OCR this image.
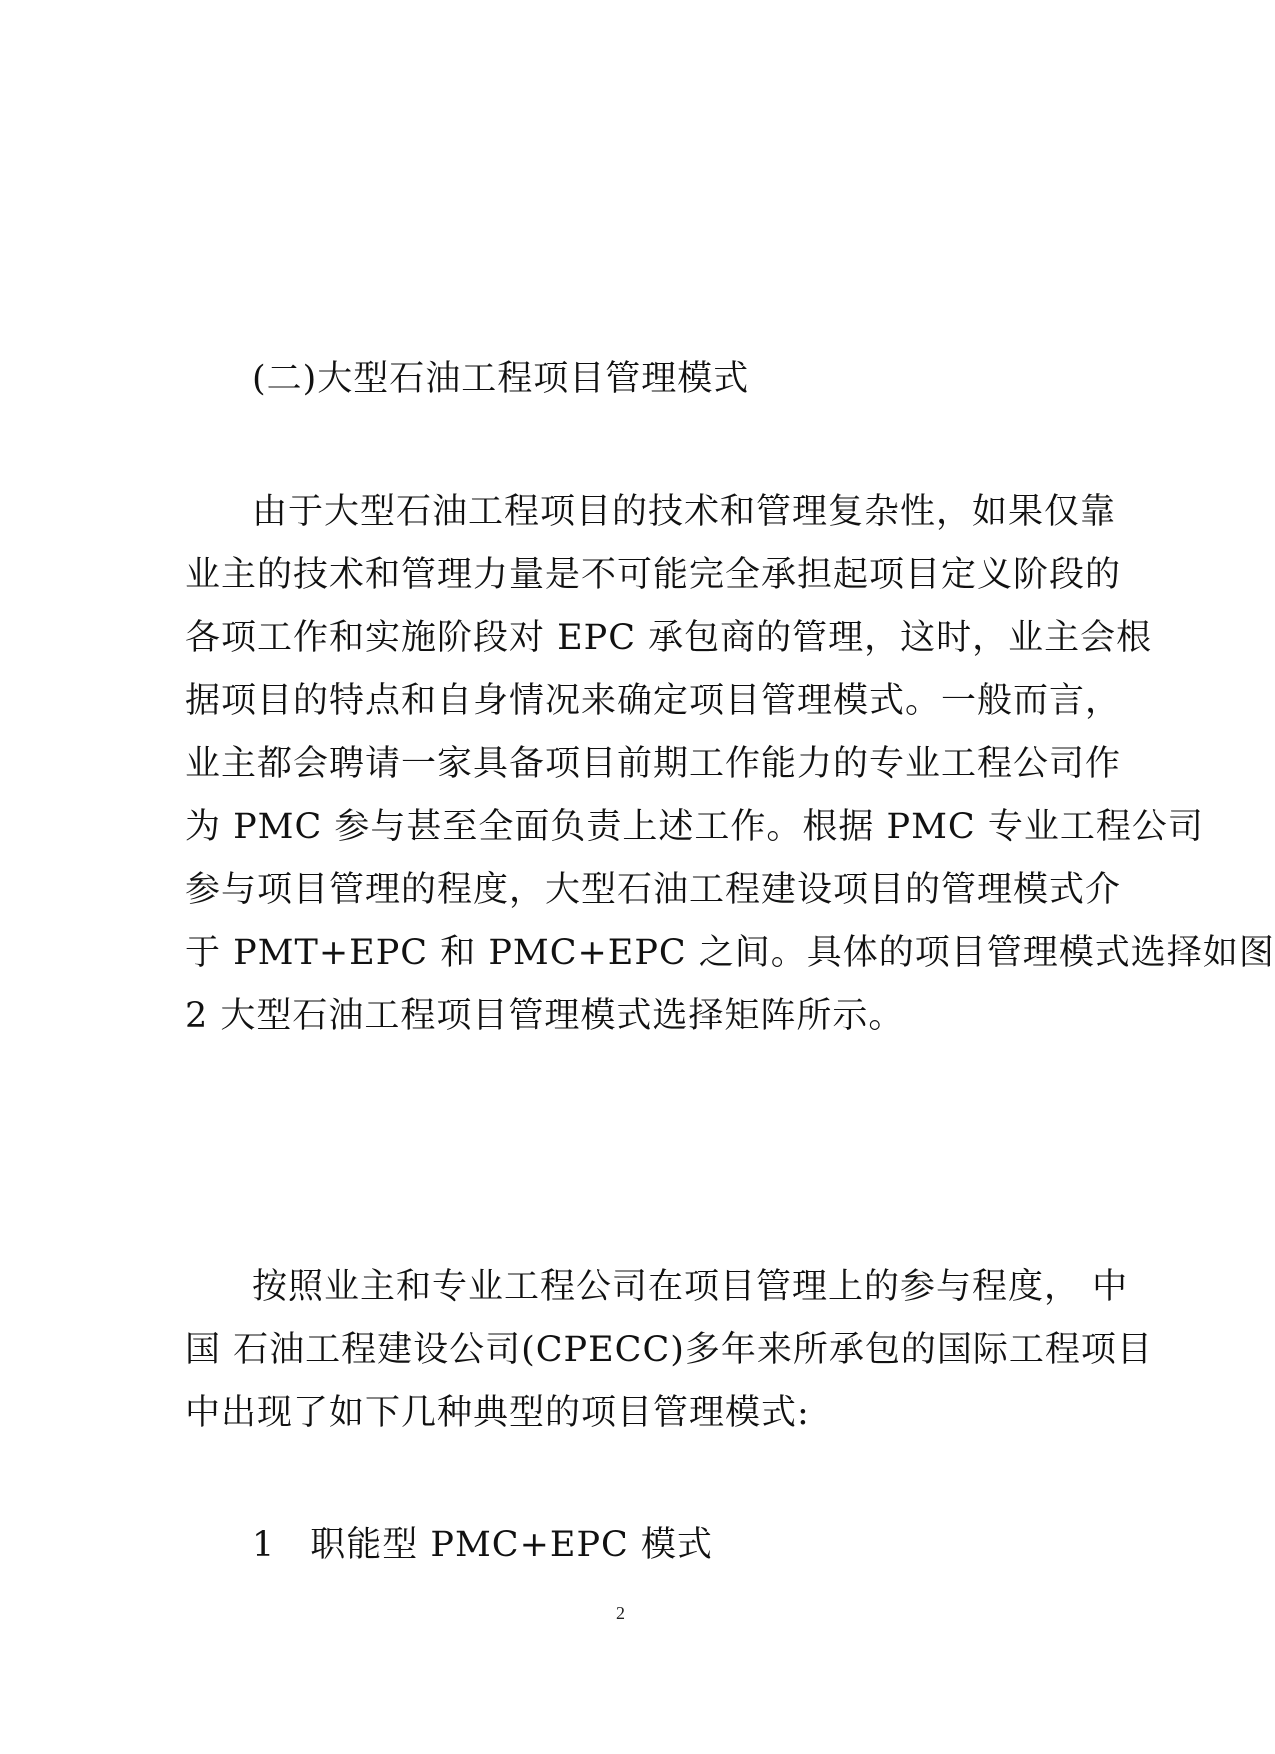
(二)大型石油工程项目管理模式
由于大型石油工程项目的技术和管理复杂性，如果仅靠
业主的技术和管理力量是不可能完全承担起项目定义阶段的
各项工作和实施阶段对 EPC 承包商的管理，这时，业主会根
据项目的特点和自身情况来确定项目管理模式。一般而言，
业主都会聘请一家具备项目前期工作能力的专业工程公司作
为 PMC 参与甚至全面负责上述工作。根据 PMC 专业工程公司
参与项目管理的程度，大型石油工程建设项目的管理模式介
于 PMT+EPC 和 PMC+EPC 之间。具体的项目管理模式选择如图
2 大型石油工程项目管理模式选择矩阵所示。
按照业主和专业工程公司在项目管理上的参与程度， 中
国 石油工程建设公司(CPECC)多年来所承包的国际工程项目
中出现了如下几种典型的项目管理模式:
1 职能型 PMC+EPC 模式
2
